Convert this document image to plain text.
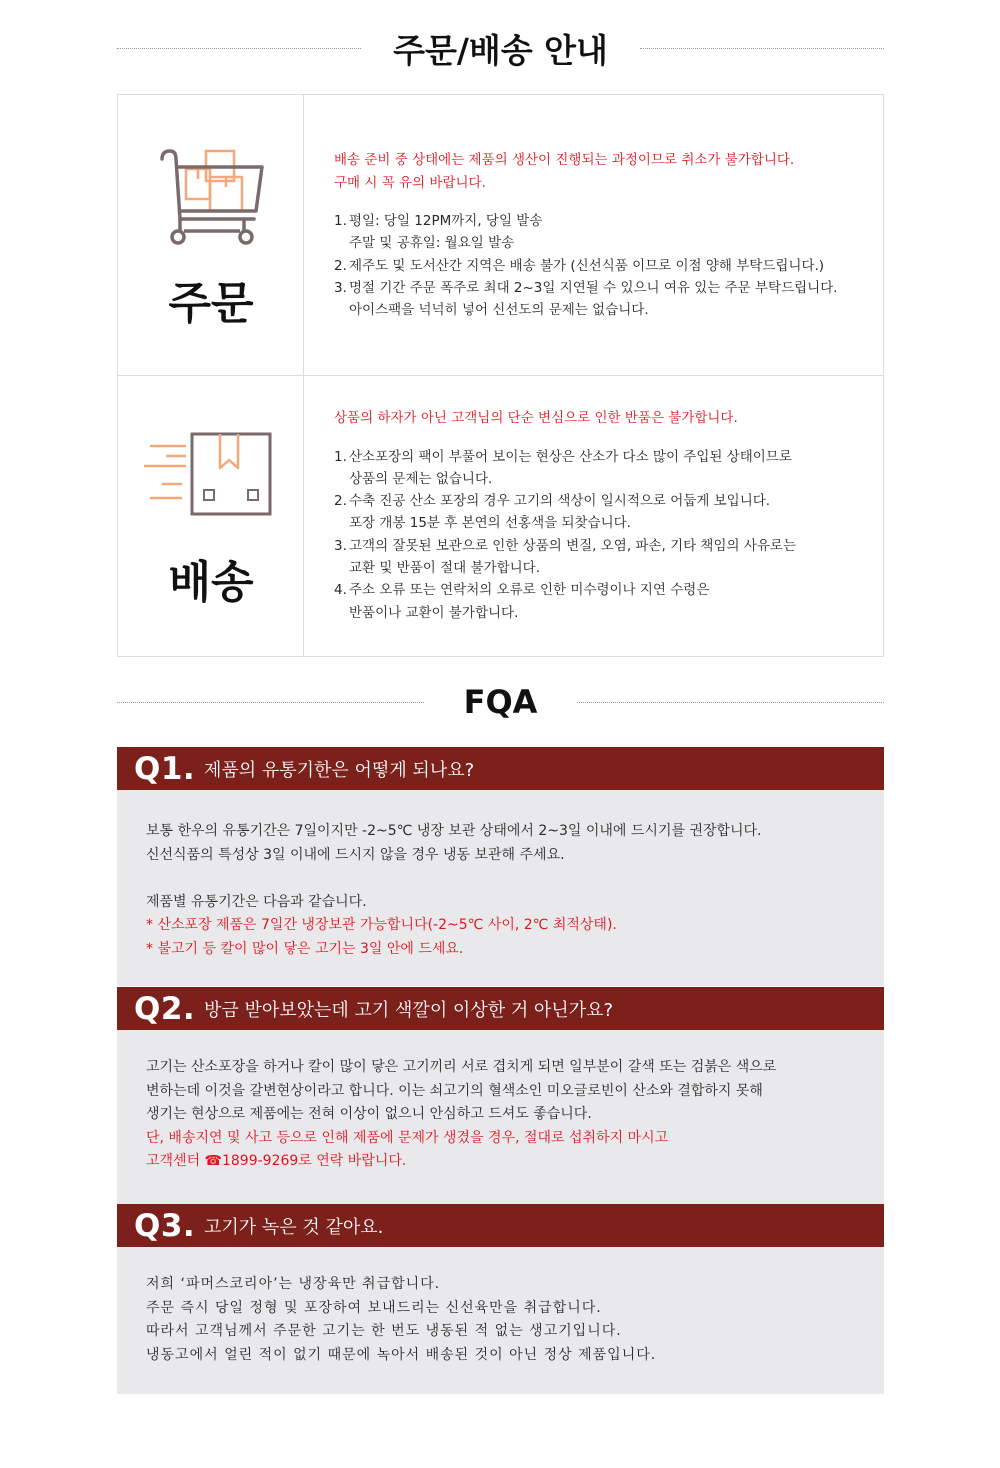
주문/배송 안내
주문

배송 준비 중 상태에는 제품의 생산이 진행되는 과정이므로 취소가 불가합니다.

구매 시 꼭 유의 바랍니다.

1. 평일: 당일 12PM까지, 당일 발송
주말 및 공휴일: 월요일 발송
2. 제주도 및 도서산간 지역은 배송 불가 (신선식품 이므로 이점 양해 부탁드립니다.)
3. 명절 기간 주문 폭주로 최대 2~3일 지연될 수 있으니 여유 있는 주문 부탁드립니다.
아이스팩을 넉넉히 넣어 신선도의 문제는 없습니다.
배송

상품의 하자가 아닌 고객님의 단순 변심으로 인한 반품은 불가합니다.

1. 산소포장의 팩이 부풀어 보이는 현상은 산소가 다소 많이 주입된 상태이므로
상품의 문제는 없습니다.
2. 수축 진공 산소 포장의 경우 고기의 색상이 일시적으로 어둡게 보입니다.
포장 개봉 15분 후 본연의 선홍색을 되찾습니다.
3. 고객의 잘못된 보관으로 인한 상품의 변질, 오염, 파손, 기타 책임의 사유로는
교환 및 반품이 절대 불가합니다.
4. 주소 오류 또는 연락처의 오류로 인한 미수령이나 지연 수령은
반품이나 교환이 불가합니다.
FQA
Q1. 제품의 유통기한은 어떻게 되나요?

보통 한우의 유통기간은 7일이지만 -2~5℃ 냉장 보관 상태에서 2~3일 이내에 드시기를 권장합니다.

신선식품의 특성상 3일 이내에 드시지 않을 경우 냉동 보관해 주세요.

제품별 유통기간은 다음과 같습니다.

* 산소포장 제품은 7일간 냉장보관 가능합니다(-2~5℃ 사이, 2℃ 최적상태).

* 불고기 등 칼이 많이 닿은 고기는 3일 안에 드세요.

Q2. 방금 받아보았는데 고기 색깔이 이상한 거 아닌가요?

고기는 산소포장을 하거나 칼이 많이 닿은 고기끼리 서로 겹치게 되면 일부분이 갈색 또는 검붉은 색으로

변하는데 이것을 갈변현상이라고 합니다. 이는 쇠고기의 혈색소인 미오글로빈이 산소와 결합하지 못해

생기는 현상으로 제품에는 전혀 이상이 없으니 안심하고 드셔도 좋습니다.

단, 배송지연 및 사고 등으로 인해 제품에 문제가 생겼을 경우, 절대로 섭취하지 마시고

고객센터 ☎1899-9269로 연락 바랍니다.

Q3. 고기가 녹은 것 같아요.

저희 ‘파머스코리아’는 냉장육만 취급합니다.

주문 즉시 당일 정형 및 포장하여 보내드리는 신선육만을 취급합니다.

따라서 고객님께서 주문한 고기는 한 번도 냉동된 적 없는 생고기입니다.

냉동고에서 얼린 적이 없기 때문에 녹아서 배송된 것이 아닌 정상 제품입니다.
